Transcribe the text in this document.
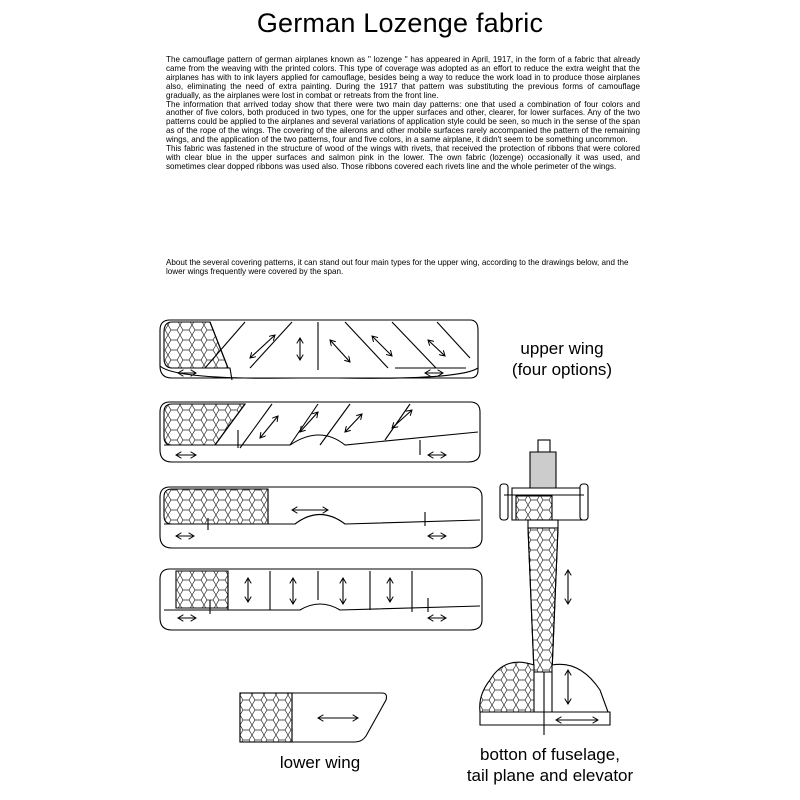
German Lozenge fabric

The camouflage pattern of german airplanes known as " lozenge " has appeared in April, 1917, in the form of a fabric that already came from the weaving with the printed colors. This type of coverage was adopted as an effort to reduce the extra weight that the airplanes has with to ink layers applied for camouflage, besides being a way to reduce the work load in to produce those airplanes also, eliminating the need of extra painting. During the 1917 that pattern was substituting the previous forms of camouflage gradually, as the airplanes were lost in combat or retreats from the front line.

The information that arrived today show that there were two main day patterns: one that used a combination of four colors and another of five colors, both produced in two types, one for the upper surfaces and other, clearer, for lower surfaces. Any of the two patterns could be applied to the airplanes and several variations of application style could be seen, so much in the sense of the span as of the rope of the wings. The covering of the ailerons and other mobile surfaces rarely accompanied the pattern of the remaining wings, and the application of the two patterns, four and five colors, in a same airplane, it didn't seem to be something uncommon.

This fabric was fastened in the structure of wood of the wings with rivets, that received the protection of ribbons that were colored with clear blue in the upper surfaces and salmon pink in the lower. The own fabric (lozenge) occasionally it was used, and sometimes clear dopped ribbons was used also. Those ribbons covered each rivets line and the whole perimeter of the wings.

About the several covering patterns, it can stand out four main types for the upper wing, according to the drawings below, and the lower wings frequently were covered by the span.

upper wing
(four options)
lower wing	botton of fuselage,
tail plane and elevator
